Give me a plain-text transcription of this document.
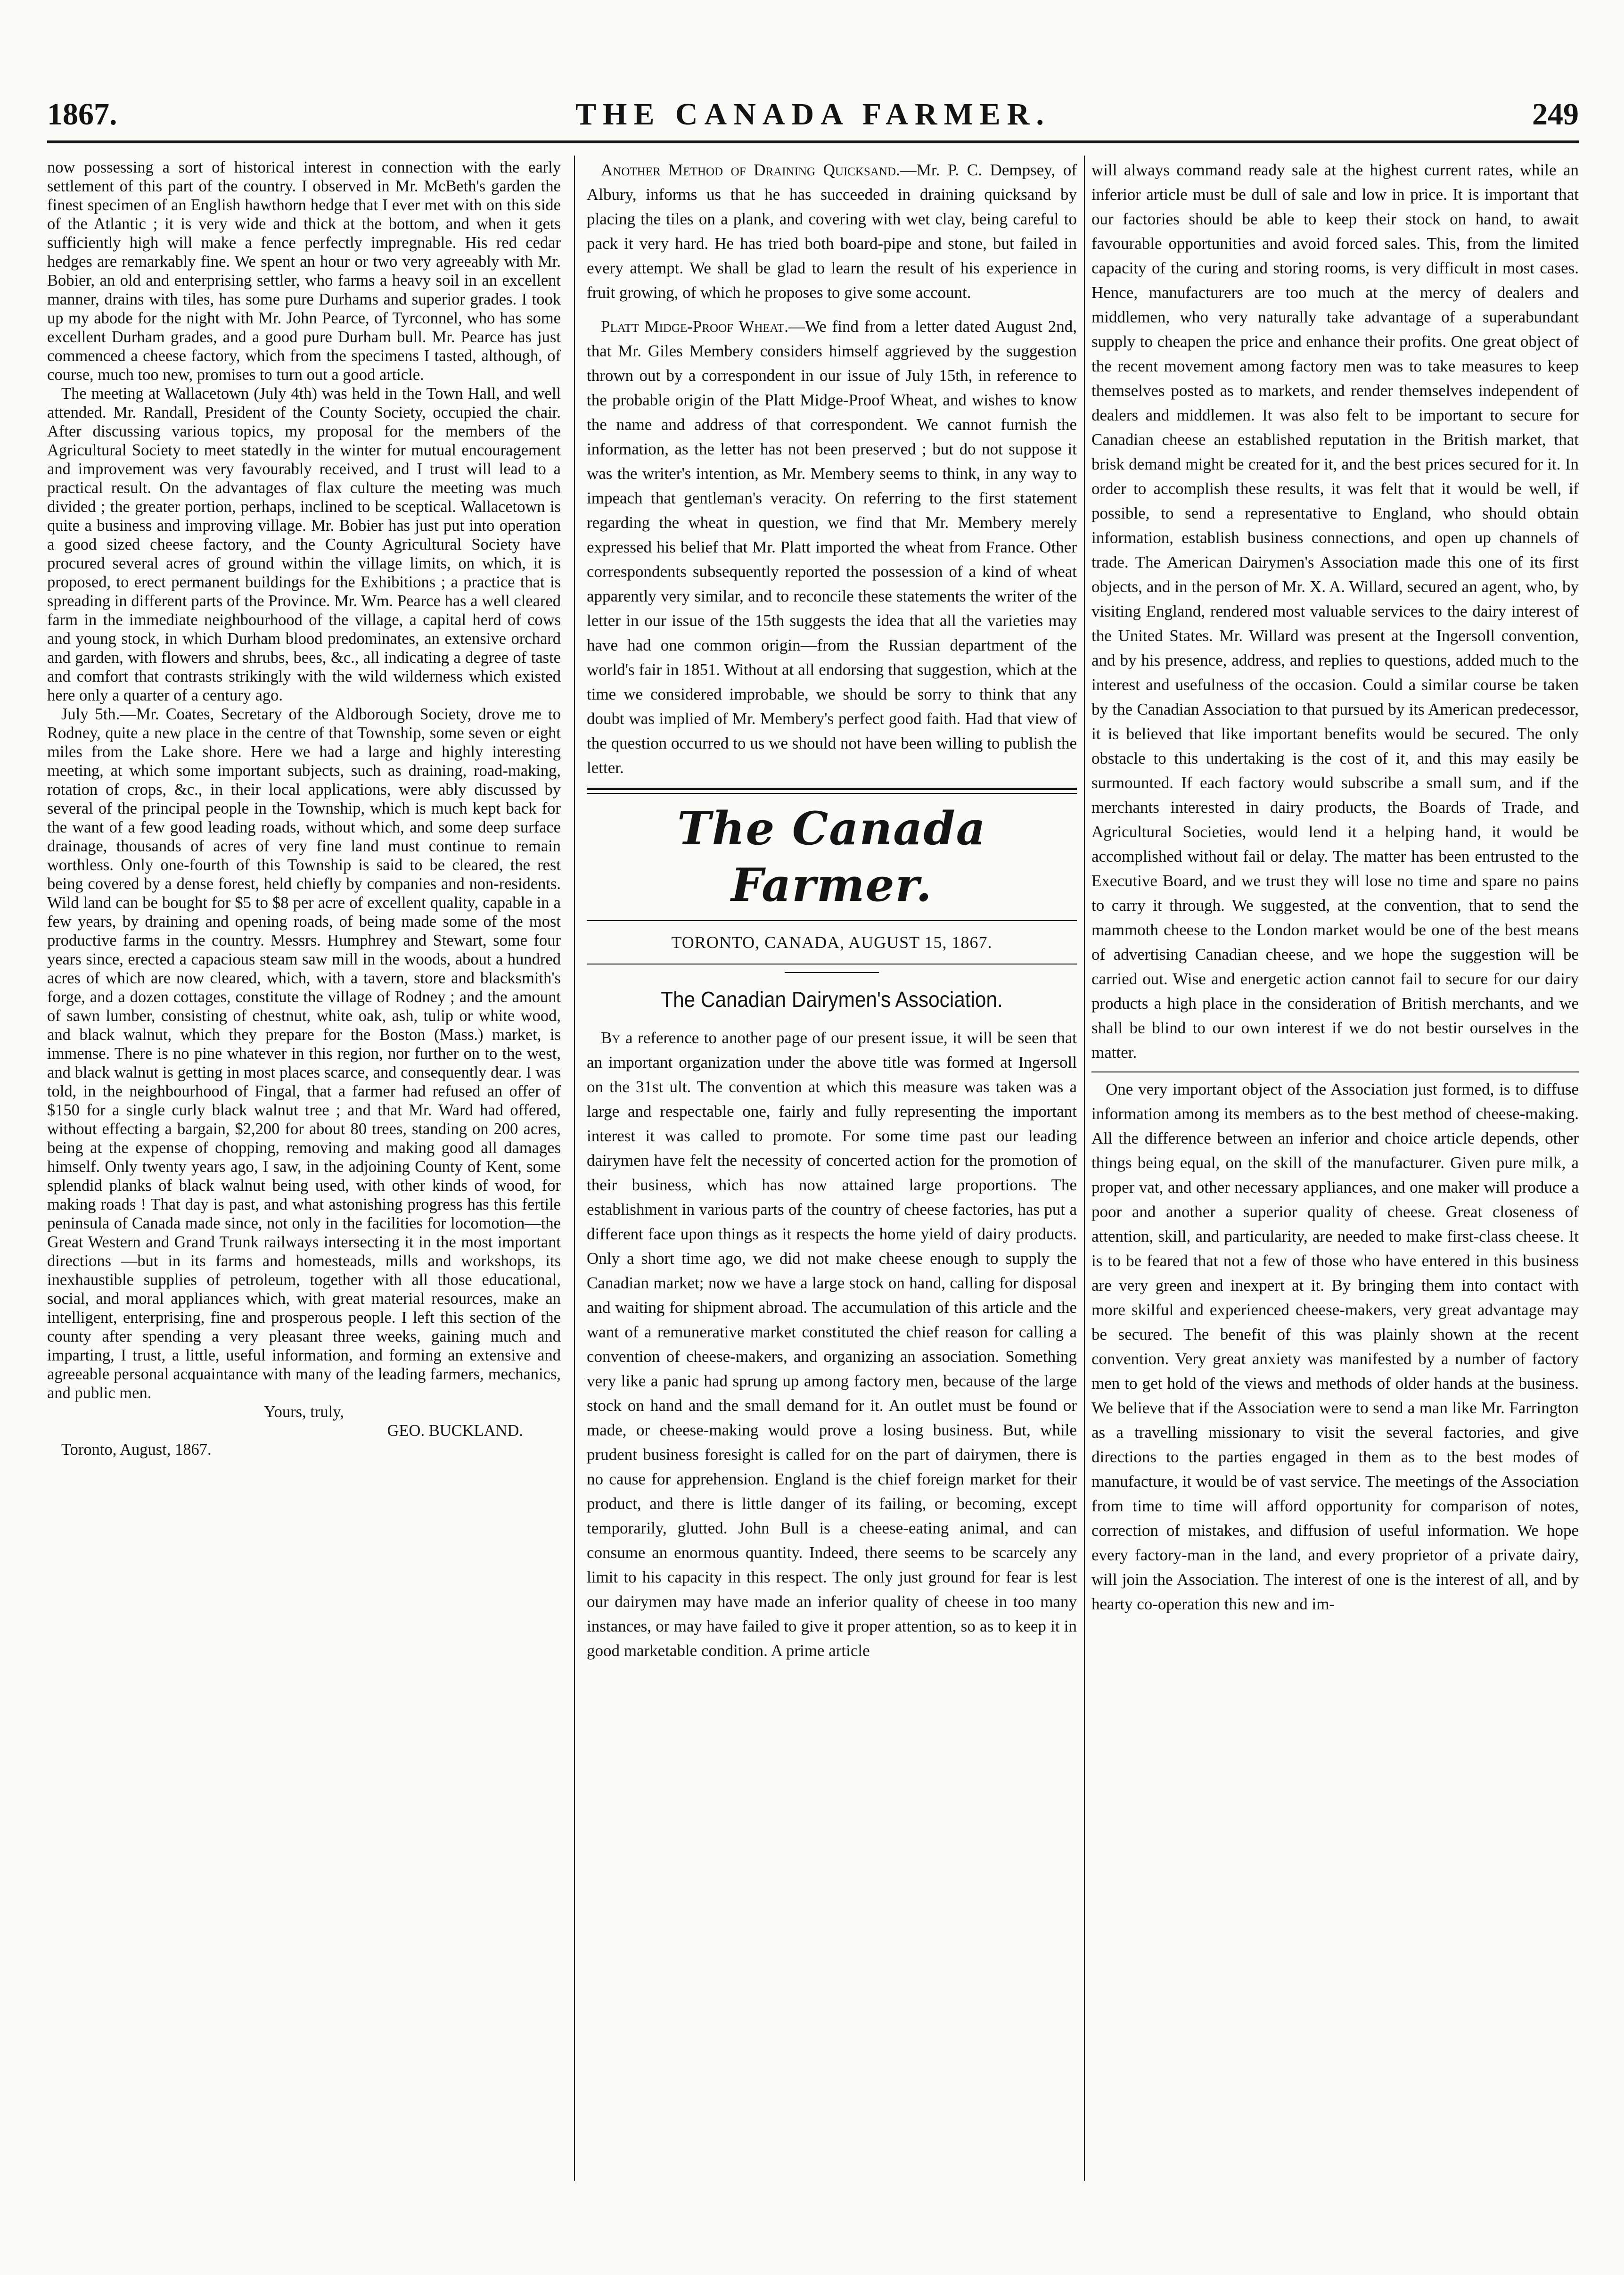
1867.	THE CANADA FARMER.	249

now possessing a sort of historical interest in connection with the early settlement of this part of the country. I observed in Mr. McBeth's garden the finest specimen of an English hawthorn hedge that I ever met with on this side of the Atlantic ; it is very wide and thick at the bottom, and when it gets sufficiently high will make a fence perfectly impregnable. His red cedar hedges are remarkably fine. We spent an hour or two very agreeably with Mr. Bobier, an old and enterprising settler, who farms a heavy soil in an excellent manner, drains with tiles, has some pure Durhams and superior grades. I took up my abode for the night with Mr. John Pearce, of Tyrconnel, who has some excellent Durham grades, and a good pure Durham bull. Mr. Pearce has just commenced a cheese factory, which from the specimens I tasted, although, of course, much too new, promises to turn out a good article.

The meeting at Wallacetown (July 4th) was held in the Town Hall, and well attended. Mr. Randall, President of the County Society, occupied the chair. After discussing various topics, my proposal for the members of the Agricultural Society to meet statedly in the winter for mutual encouragement and improvement was very favourably received, and I trust will lead to a practical result. On the advantages of flax culture the meeting was much divided ; the greater portion, perhaps, inclined to be sceptical. Wallacetown is quite a business and improving village. Mr. Bobier has just put into operation a good sized cheese factory, and the County Agricultural Society have procured several acres of ground within the village limits, on which, it is proposed, to erect permanent buildings for the Exhibitions ; a practice that is spreading in different parts of the Province. Mr. Wm. Pearce has a well cleared farm in the immediate neighbourhood of the village, a capital herd of cows and young stock, in which Durham blood predominates, an extensive orchard and garden, with flowers and shrubs, bees, &c., all indicating a degree of taste and comfort that contrasts strikingly with the wild wilderness which existed here only a quarter of a century ago.

July 5th.—Mr. Coates, Secretary of the Aldborough Society, drove me to Rodney, quite a new place in the centre of that Township, some seven or eight miles from the Lake shore. Here we had a large and highly interesting meeting, at which some important subjects, such as draining, road-making, rotation of crops, &c., in their local applications, were ably discussed by several of the principal people in the Township, which is much kept back for the want of a few good leading roads, without which, and some deep surface drainage, thousands of acres of very fine land must continue to remain worthless. Only one-fourth of this Township is said to be cleared, the rest being covered by a dense forest, held chiefly by companies and non-residents. Wild land can be bought for $5 to $8 per acre of excellent quality, capable in a few years, by draining and opening roads, of being made some of the most productive farms in the country. Messrs. Humphrey and Stewart, some four years since, erected a capacious steam saw mill in the woods, about a hundred acres of which are now cleared, which, with a tavern, store and blacksmith's forge, and a dozen cottages, constitute the village of Rodney ; and the amount of sawn lumber, consisting of chestnut, white oak, ash, tulip or white wood, and black walnut, which they prepare for the Boston (Mass.) market, is immense. There is no pine whatever in this region, nor further on to the west, and black walnut is getting in most places scarce, and consequently dear. I was told, in the neighbourhood of Fingal, that a farmer had refused an offer of $150 for a single curly black walnut tree ; and that Mr. Ward had offered, without effecting a bargain, $2,200 for about 80 trees, standing on 200 acres, being at the expense of chopping, removing and making good all damages himself. Only twenty years ago, I saw, in the adjoining County of Kent, some splendid planks of black walnut being used, with other kinds of wood, for making roads ! That day is past, and what astonishing progress has this fertile peninsula of Canada made since, not only in the facilities for locomotion—the Great Western and Grand Trunk railways intersecting it in the most important directions —but in its farms and homesteads, mills and workshops, its inexhaustible supplies of petroleum, together with all those educational, social, and moral appliances which, with great material resources, make an intelligent, enterprising, fine and prosperous people. I left this section of the county after spending a very pleasant three weeks, gaining much and imparting, I trust, a little, useful information, and forming an extensive and agreeable personal acquaintance with many of the leading farmers, mechanics, and public men.

Yours, truly,

GEO. BUCKLAND.

Toronto, August, 1867.

Another Method of Draining Quicksand.—Mr. P. C. Dempsey, of Albury, informs us that he has succeeded in draining quicksand by placing the tiles on a plank, and covering with wet clay, being careful to pack it very hard. He has tried both board-pipe and stone, but failed in every attempt. We shall be glad to learn the result of his experience in fruit growing, of which he proposes to give some account.

Platt Midge-Proof Wheat.—We find from a letter dated August 2nd, that Mr. Giles Membery considers himself aggrieved by the suggestion thrown out by a correspondent in our issue of July 15th, in reference to the probable origin of the Platt Midge-Proof Wheat, and wishes to know the name and address of that correspondent. We cannot furnish the information, as the letter has not been preserved ; but do not suppose it was the writer's intention, as Mr. Membery seems to think, in any way to impeach that gentleman's veracity. On referring to the first statement regarding the wheat in question, we find that Mr. Membery merely expressed his belief that Mr. Platt imported the wheat from France. Other correspondents subsequently reported the possession of a kind of wheat apparently very similar, and to reconcile these statements the writer of the letter in our issue of the 15th suggests the idea that all the varieties may have had one common origin—from the Russian department of the world's fair in 1851. Without at all endorsing that suggestion, which at the time we considered improbable, we should be sorry to think that any doubt was implied of Mr. Membery's perfect good faith. Had that view of the question occurred to us we should not have been willing to publish the letter.

The Canada Farmer.
TORONTO, CANADA, AUGUST 15, 1867.
The Canadian Dairymen's Association.

By a reference to another page of our present issue, it will be seen that an important organization under the above title was formed at Ingersoll on the 31st ult. The convention at which this measure was taken was a large and respectable one, fairly and fully representing the important interest it was called to promote. For some time past our leading dairymen have felt the necessity of concerted action for the promotion of their business, which has now attained large proportions. The establishment in various parts of the country of cheese factories, has put a different face upon things as it respects the home yield of dairy products. Only a short time ago, we did not make cheese enough to supply the Canadian market; now we have a large stock on hand, calling for disposal and waiting for shipment abroad. The accumulation of this article and the want of a remunerative market constituted the chief reason for calling a convention of cheese-makers, and organizing an association. Something very like a panic had sprung up among factory men, because of the large stock on hand and the small demand for it. An outlet must be found or made, or cheese-making would prove a losing business. But, while prudent business foresight is called for on the part of dairymen, there is no cause for apprehension. England is the chief foreign market for their product, and there is little danger of its failing, or becoming, except temporarily, glutted. John Bull is a cheese-eating animal, and can consume an enormous quantity. Indeed, there seems to be scarcely any limit to his capacity in this respect. The only just ground for fear is lest our dairymen may have made an inferior quality of cheese in too many instances, or may have failed to give it proper attention, so as to keep it in good marketable condition. A prime article

will always command ready sale at the highest current rates, while an inferior article must be dull of sale and low in price. It is important that our factories should be able to keep their stock on hand, to await favourable opportunities and avoid forced sales. This, from the limited capacity of the curing and storing rooms, is very difficult in most cases. Hence, manufacturers are too much at the mercy of dealers and middlemen, who very naturally take advantage of a superabundant supply to cheapen the price and enhance their profits. One great object of the recent movement among factory men was to take measures to keep themselves posted as to markets, and render themselves independent of dealers and middlemen. It was also felt to be important to secure for Canadian cheese an established reputation in the British market, that brisk demand might be created for it, and the best prices secured for it. In order to accomplish these results, it was felt that it would be well, if possible, to send a representative to England, who should obtain information, establish business connections, and open up channels of trade. The American Dairymen's Association made this one of its first objects, and in the person of Mr. X. A. Willard, secured an agent, who, by visiting England, rendered most valuable services to the dairy interest of the United States. Mr. Willard was present at the Ingersoll convention, and by his presence, address, and replies to questions, added much to the interest and usefulness of the occasion. Could a similar course be taken by the Canadian Association to that pursued by its American predecessor, it is believed that like important benefits would be secured. The only obstacle to this undertaking is the cost of it, and this may easily be surmounted. If each factory would subscribe a small sum, and if the merchants interested in dairy products, the Boards of Trade, and Agricultural Societies, would lend it a helping hand, it would be accomplished without fail or delay. The matter has been entrusted to the Executive Board, and we trust they will lose no time and spare no pains to carry it through. We suggested, at the convention, that to send the mammoth cheese to the London market would be one of the best means of advertising Canadian cheese, and we hope the suggestion will be carried out. Wise and energetic action cannot fail to secure for our dairy products a high place in the consideration of British merchants, and we shall be blind to our own interest if we do not bestir ourselves in the matter.

One very important object of the Association just formed, is to diffuse information among its members as to the best method of cheese-making. All the difference between an inferior and choice article depends, other things being equal, on the skill of the manufacturer. Given pure milk, a proper vat, and other necessary appliances, and one maker will produce a poor and another a superior quality of cheese. Great closeness of attention, skill, and particularity, are needed to make first-class cheese. It is to be feared that not a few of those who have entered in this business are very green and inexpert at it. By bringing them into contact with more skilful and experienced cheese-makers, very great advantage may be secured. The benefit of this was plainly shown at the recent convention. Very great anxiety was manifested by a number of factory men to get hold of the views and methods of older hands at the business. We believe that if the Association were to send a man like Mr. Farrington as a travelling missionary to visit the several factories, and give directions to the parties engaged in them as to the best modes of manufacture, it would be of vast service. The meetings of the Association from time to time will afford opportunity for comparison of notes, correction of mistakes, and diffusion of useful information. We hope every factory-man in the land, and every proprietor of a private dairy, will join the Association. The interest of one is the interest of all, and by hearty co-operation this new and im-
